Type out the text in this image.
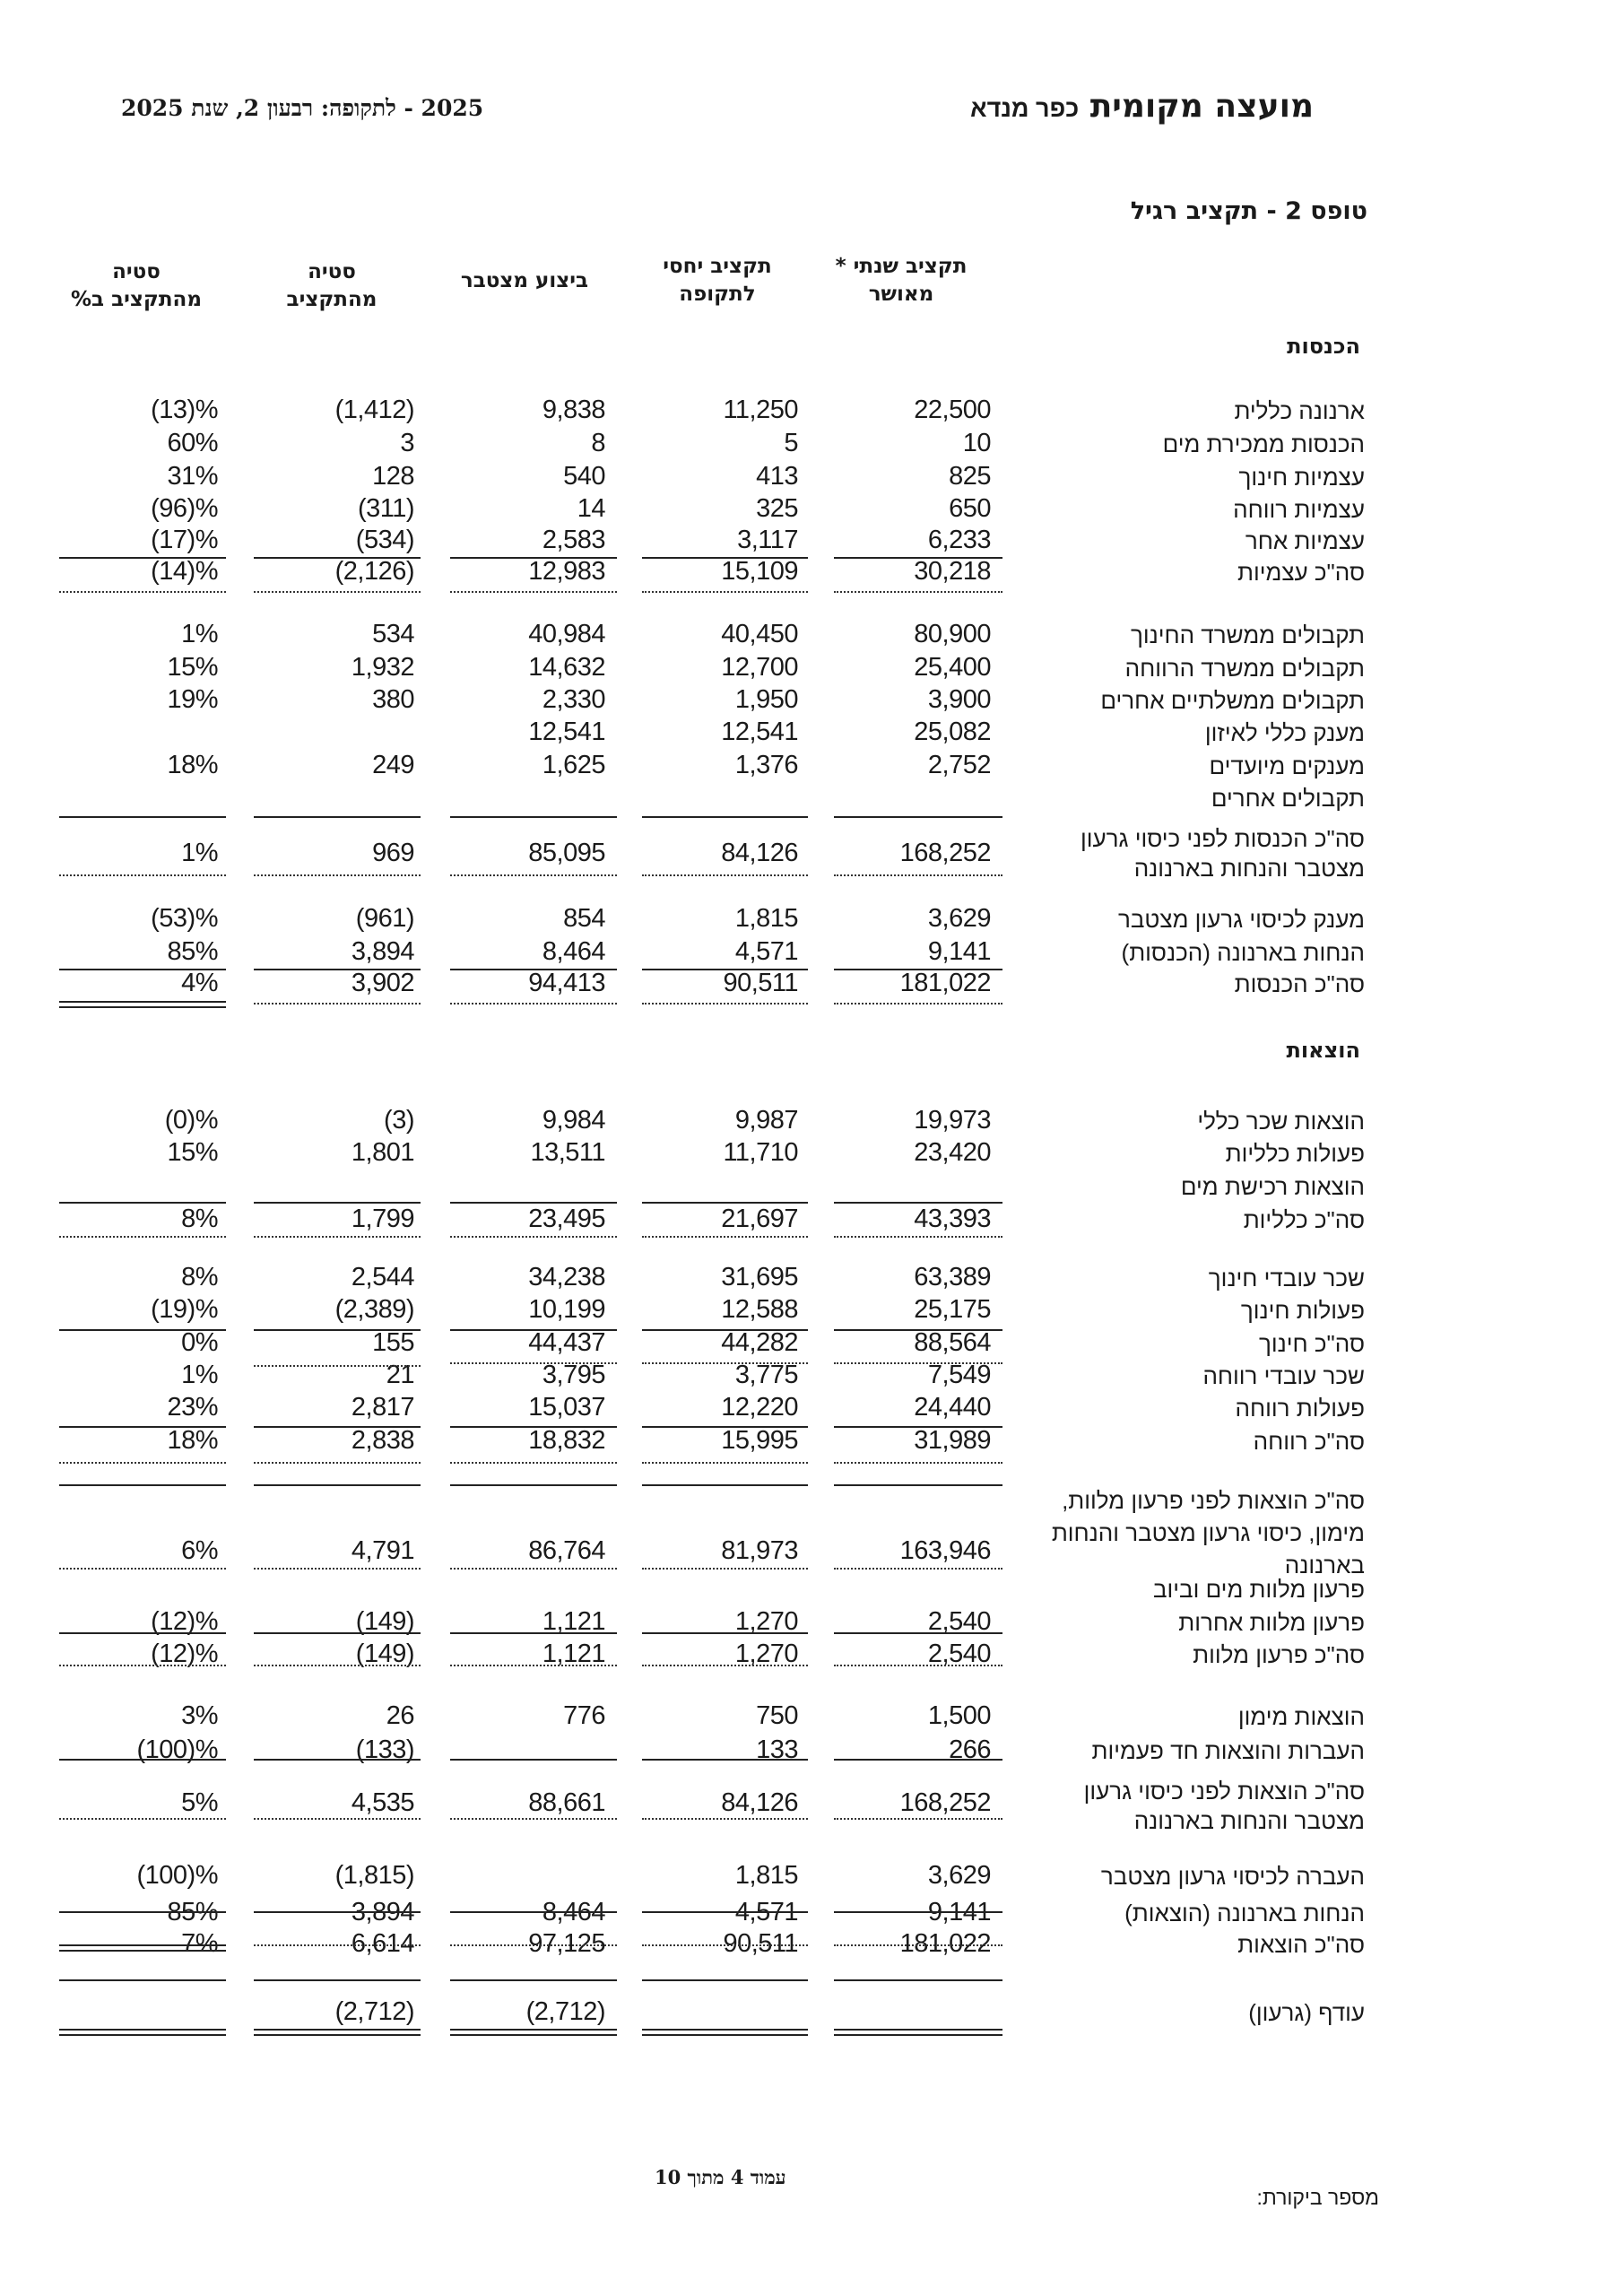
מועצה מקומית כפר מנדא
2025 - לתקופה: רבעון 2, שנת 2025
טופס 2 - תקציב רגיל
תקציב שנתי *
מאושר
תקציב יחסי
לתקופה
ביצוע מצטבר
סטיה
מהתקציב
סטיה
מהתקציב ב%
הכנסות
הוצאות
ארנונה כללית
22,500
11,250
9,838
(1,412)
(13)%
הכנסות ממכירת מים
10
5
8
3
60%
עצמיות חינוך
825
413
540
128
31%
עצמיות רווחה
650
325
14
(311)
(96)%
עצמיות אחר
6,233
3,117
2,583
(534)
(17)%
סה"כ עצמיות
30,218
15,109
12,983
(2,126)
(14)%
תקבולים ממשרד החינוך
80,900
40,450
40,984
534
1%
תקבולים ממשרד הרווחה
25,400
12,700
14,632
1,932
15%
תקבולים ממשלתיים אחרים
3,900
1,950
2,330
380
19%
מענק כללי לאיזון
25,082
12,541
12,541
מענקים מיועדים
2,752
1,376
1,625
249
18%
תקבולים אחרים
סה"כ הכנסות לפני כיסוי גרעון
מצטבר והנחות בארנונה
168,252
84,126
85,095
969
1%
מענק לכיסוי גרעון מצטבר
3,629
1,815
854
(961)
(53)%
הנחות בארנונה (הכנסות)
9,141
4,571
8,464
3,894
85%
סה"כ הכנסות
181,022
90,511
94,413
3,902
4%
הוצאות שכר כללי
19,973
9,987
9,984
(3)
(0)%
פעולות כלליות
23,420
11,710
13,511
1,801
15%
הוצאות רכישת מים
סה"כ כלליות
43,393
21,697
23,495
1,799
8%
שכר עובדי חינוך
63,389
31,695
34,238
2,544
8%
פעולות חינוך
25,175
12,588
10,199
(2,389)
(19)%
סה"כ חינוך
88,564
44,282
44,437
155
0%
שכר עובדי רווחה
7,549
3,775
3,795
21
1%
פעולות רווחה
24,440
12,220
15,037
2,817
23%
סה"כ רווחה
31,989
15,995
18,832
2,838
18%
סה"כ הוצאות לפני פרעון מלוות,
מימון, כיסוי גרעון מצטבר והנחות
בארנונה
163,946
81,973
86,764
4,791
6%
פרעון מלוות מים וביוב
פרעון מלוות אחרות
2,540
1,270
1,121
(149)
(12)%
סה"כ פרעון מלוות
2,540
1,270
1,121
(149)
(12)%
הוצאות מימון
1,500
750
776
26
3%
העברות והוצאות חד פעמיות
266
133
(133)
(100)%
סה"כ הוצאות לפני כיסוי גרעון
מצטבר והנחות בארנונה
168,252
84,126
88,661
4,535
5%
העברה לכיסוי גרעון מצטבר
3,629
1,815
(1,815)
(100)%
הנחות בארנונה (הוצאות)
9,141
4,571
8,464
3,894
85%
סה"כ הוצאות
181,022
90,511
97,125
6,614
7%
עודף (גרעון)
(2,712)
(2,712)
עמוד 4 מתוך 10
מספר ביקורת:
